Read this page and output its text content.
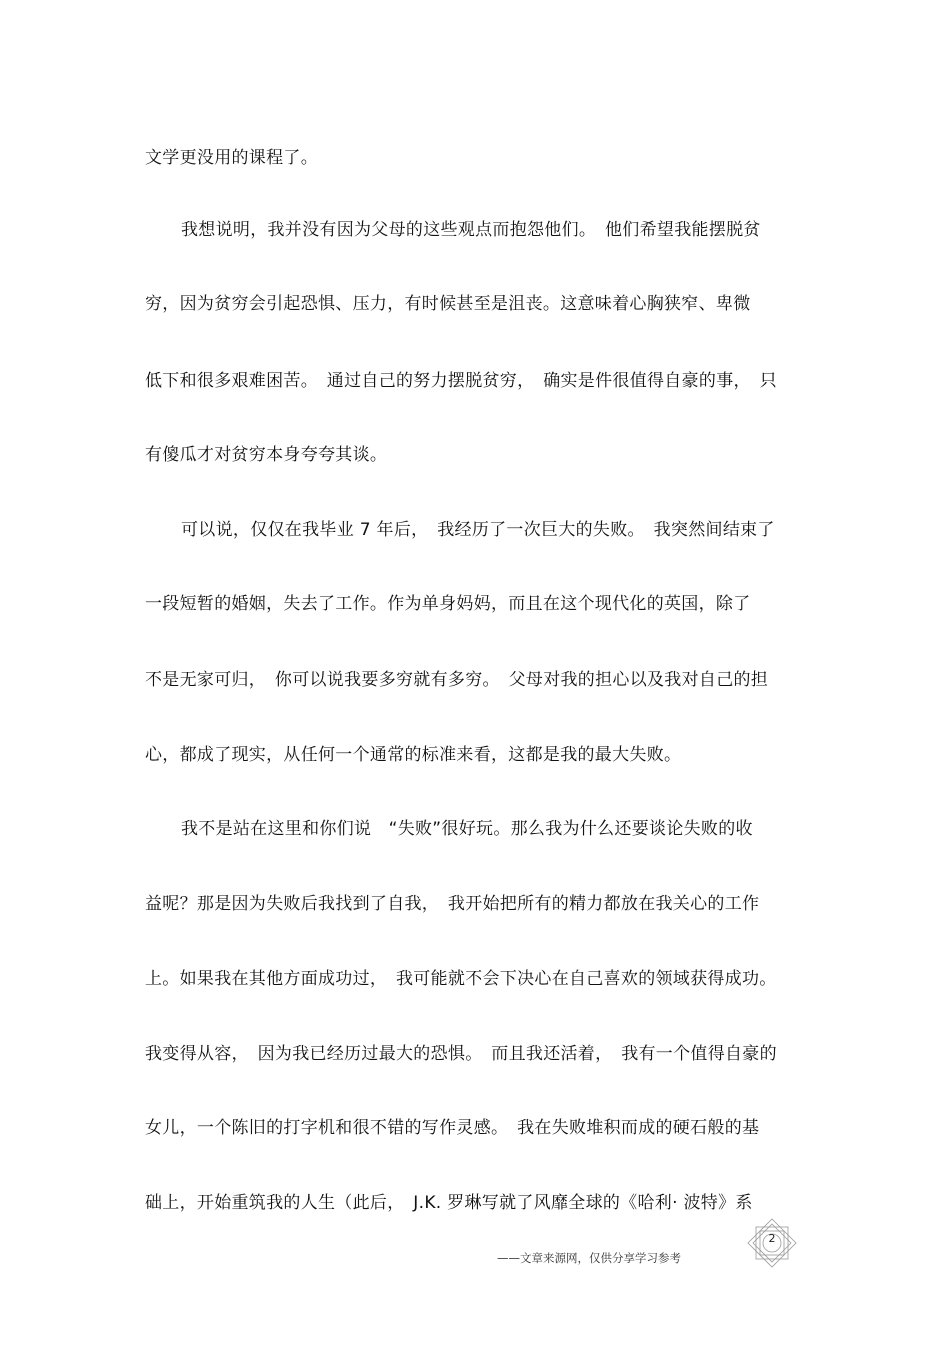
文学更没用的课程了。
我想说明，我并没有因为父母的这些观点而抱怨他们。　他们希望我能摆脱贫
穷，因为贫穷会引起恐惧、压力，有时候甚至是沮丧。这意味着心胸狭窄、卑微
低下和很多艰难困苦。　通过自己的努力摆脱贫穷，　确实是件很值得自豪的事，　只
有傻瓜才对贫穷本身夸夸其谈。
可以说，仅仅在我毕业 7 年后，　我经历了一次巨大的失败。　我突然间结束了
一段短暂的婚姻，失去了工作。作为单身妈妈，而且在这个现代化的英国，除了
不是无家可归，　你可以说我要多穷就有多穷。　父母对我的担心以及我对自己的担
心，都成了现实，从任何一个通常的标准来看，这都是我的最大失败。
我不是站在这里和你们说　“失败”很好玩。那么我为什么还要谈论失败的收
益呢？那是因为失败后我找到了自我，　我开始把所有的精力都放在我关心的工作
上。如果我在其他方面成功过，　我可能就不会下决心在自己喜欢的领域获得成功。
我变得从容，　因为我已经历过最大的恐惧。　而且我还活着，　我有一个值得自豪的
女儿，一个陈旧的打字机和很不错的写作灵感。　我在失败堆积而成的硬石般的基
础上，开始重筑我的人生（此后，　J.K. 罗琳写就了风靡全球的《哈利· 波特》系
2
——文章来源网，仅供分享学习参考
